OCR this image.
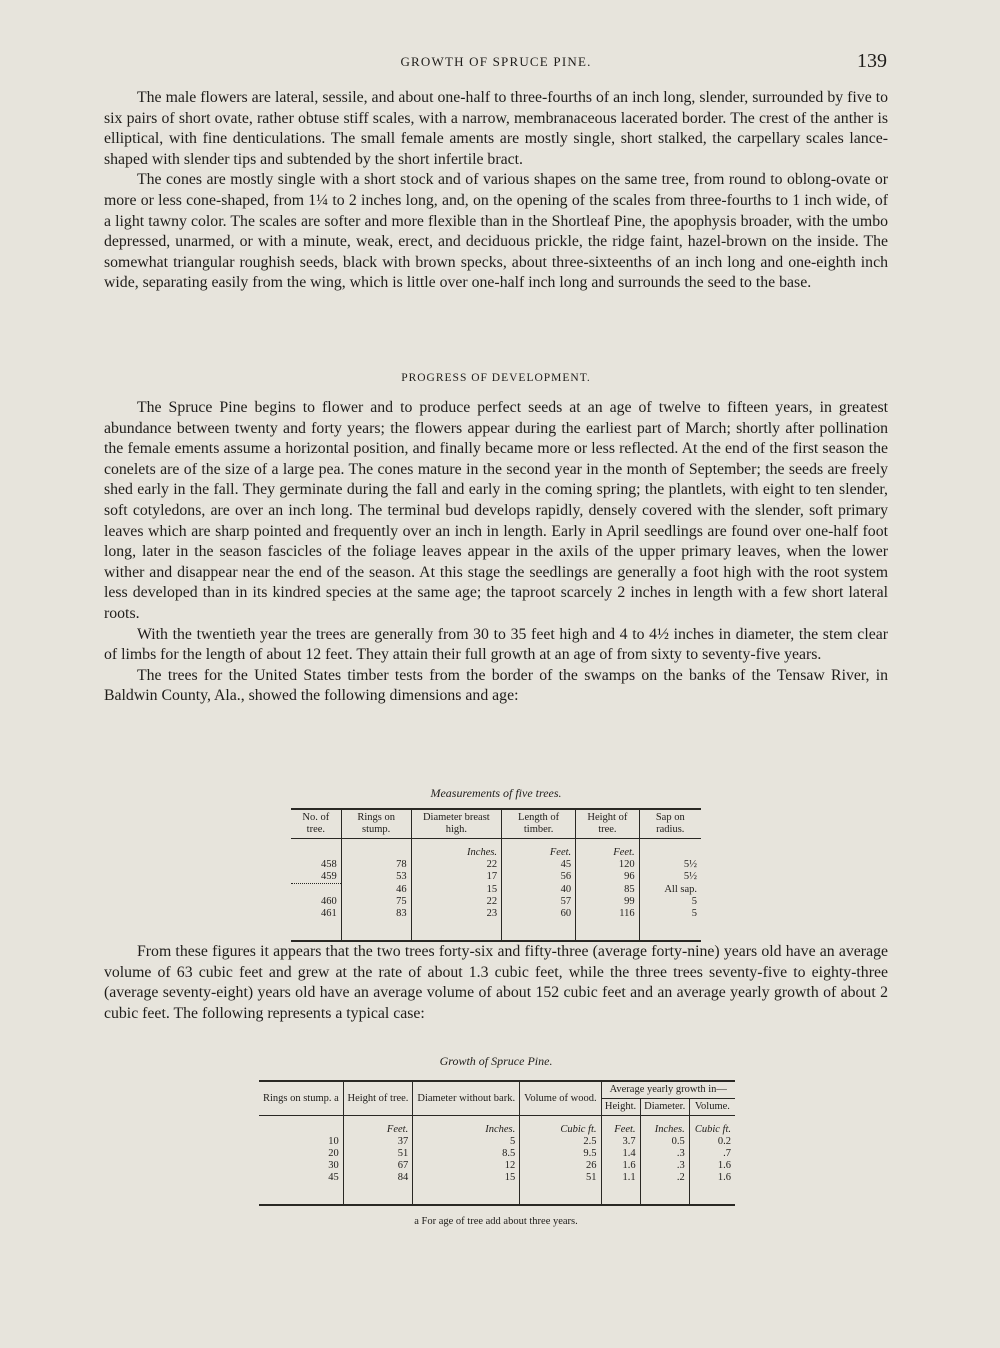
GROWTH OF SPRUCE PINE.	139

The male flowers are lateral, sessile, and about one-half to three-fourths of an inch long, slender, surrounded by five to six pairs of short ovate, rather obtuse stiff scales, with a narrow, membranaceous lacerated border. The crest of the anther is elliptical, with fine denticulations. The small female aments are mostly single, short stalked, the carpellary scales lance-shaped with slender tips and subtended by the short infertile bract.

The cones are mostly single with a short stock and of various shapes on the same tree, from round to oblong-ovate or more or less cone-shaped, from 1¼ to 2 inches long, and, on the opening of the scales from three-fourths to 1 inch wide, of a light tawny color. The scales are softer and more flexible than in the Shortleaf Pine, the apophysis broader, with the umbo depressed, unarmed, or with a minute, weak, erect, and deciduous prickle, the ridge faint, hazel-brown on the inside. The somewhat triangular roughish seeds, black with brown specks, about three-sixteenths of an inch long and one-eighth inch wide, separating easily from the wing, which is little over one-half inch long and surrounds the seed to the base.

PROGRESS OF DEVELOPMENT.

The Spruce Pine begins to flower and to produce perfect seeds at an age of twelve to fifteen years, in greatest abundance between twenty and forty years; the flowers appear during the earliest part of March; shortly after pollination the female ements assume a horizontal position, and finally became more or less reflected. At the end of the first season the conelets are of the size of a large pea. The cones mature in the second year in the month of September; the seeds are freely shed early in the fall. They germinate during the fall and early in the coming spring; the plantlets, with eight to ten slender, soft cotyledons, are over an inch long. The terminal bud develops rapidly, densely covered with the slender, soft primary leaves which are sharp pointed and frequently over an inch in length. Early in April seedlings are found over one-half foot long, later in the season fascicles of the foliage leaves appear in the axils of the upper primary leaves, when the lower wither and disappear near the end of the season. At this stage the seedlings are generally a foot high with the root system less developed than in its kindred species at the same age; the taproot scarcely 2 inches in length with a few short lateral roots.

With the twentieth year the trees are generally from 30 to 35 feet high and 4 to 4½ inches in diameter, the stem clear of limbs for the length of about 12 feet. They attain their full growth at an age of from sixty to seventy-five years.

The trees for the United States timber tests from the border of the swamps on the banks of the Tensaw River, in Baldwin County, Ala., showed the following dimensions and age:

Measurements of five trees.
No. of tree.	Rings on stump.	Diameter breast high.	Length of timber.	Height of tree.	Sap on radius.
		Inches.	Feet.	Feet.	
458	78	22	45	120	5½
459	53	17	56	96	5½
	46	15	40	85	All sap.
460	75	22	57	99	5
461	83	23	60	116	5

From these figures it appears that the two trees forty-six and fifty-three (average forty-nine) years old have an average volume of 63 cubic feet and grew at the rate of about 1.3 cubic feet, while the three trees seventy-five to eighty-three (average seventy-eight) years old have an average volume of about 152 cubic feet and an average yearly growth of about 2 cubic feet. The following represents a typical case:

Growth of Spruce Pine.
Rings on stump. a	Height of tree.	Diameter without bark.	Volume of wood.	Average yearly growth in—		
				Height.	Diameter.	Volume.
	Feet.	Inches.	Cubic ft.	Feet.	Inches.	Cubic ft.
10	37	5	2.5	3.7	0.5	0.2
20	51	8.5	9.5	1.4	.3	.7
30	67	12	26	1.6	.3	1.6
45	84	15	51	1.1	.2	1.6

a For age of tree add about three years.
